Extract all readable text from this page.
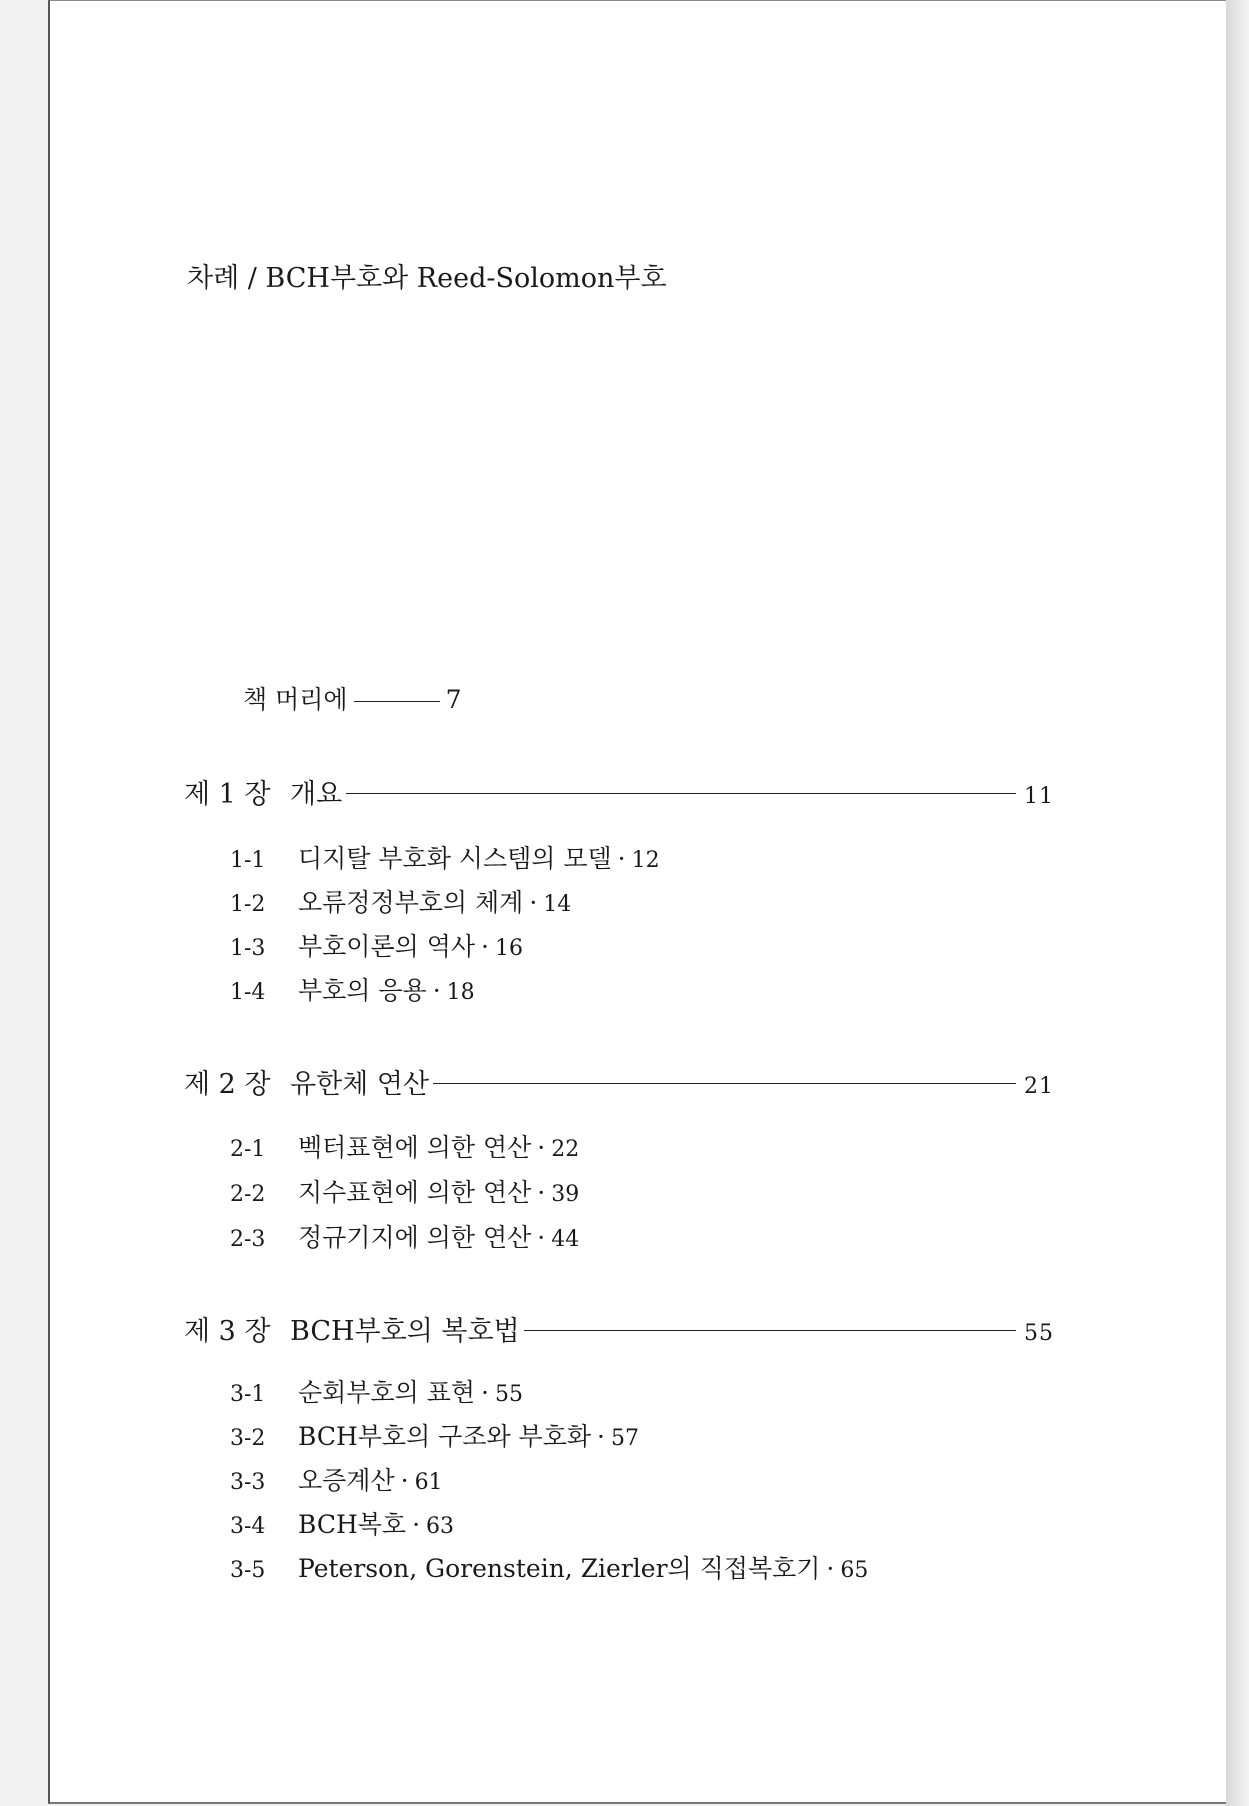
차례 / BCH부호와 Reed-Solomon부호
책 머리에	7
제 1 장 개요	11
1-1	디지탈 부호화 시스템의 모델 · 12
1-2	오류정정부호의 체계 · 14
1-3	부호이론의 역사 · 16
1-4	부호의 응용 · 18
제 2 장 유한체 연산	21
2-1	벡터표현에 의한 연산 · 22
2-2	지수표현에 의한 연산 · 39
2-3	정규기지에 의한 연산 · 44
제 3 장 BCH부호의 복호법	55
3-1	순회부호의 표현 · 55
3-2	BCH부호의 구조와 부호화 · 57
3-3	오증계산 · 61
3-4	BCH복호 · 63
3-5	Peterson, Gorenstein, Zierler의 직접복호기 · 65
